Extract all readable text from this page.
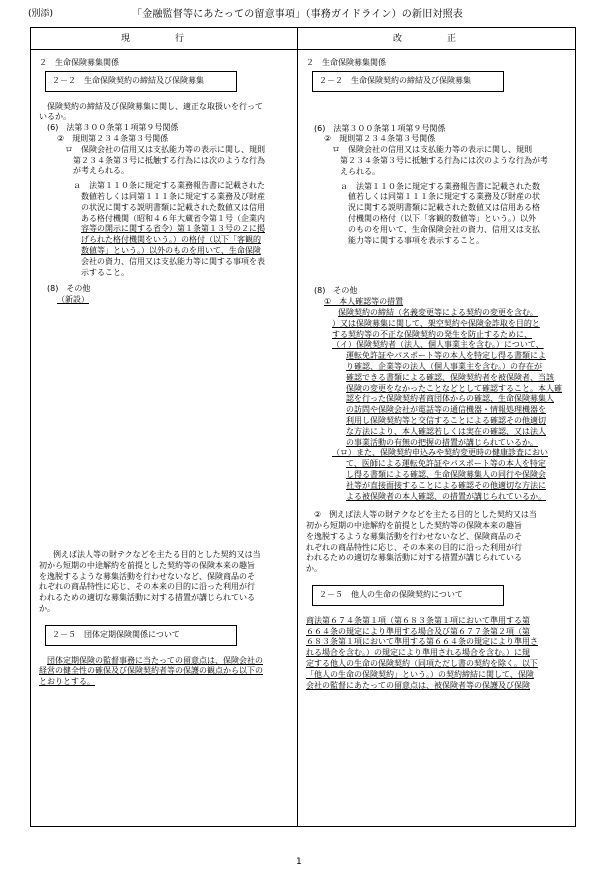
(別添)	「金融監督等にあたっての留意事項」（事務ガイドライン）の新旧対照表
現　　　　　行	改　　　　　正

２　生命保険募集関係

２－２　生命保険契約の締結及び保険募集

保険契約の締結及び保険募集に関し、適正な取扱いを行って

いるか。

(6)　法第３００条第１項第９号関係

②　規則第２３４条第３号関係

ロ　保険会社の信用又は支払能力等の表示に関し、規則

第２３４条第３号に抵触する行為には次のような行為

が考えられる。

ａ　法第１１０条に規定する業務報告書に記載された

数値若しくは同第１１１条に規定する業務及び財産

の状況に関する説明書類に記載された数値又は信用

ある格付機関（昭和４６年大蔵省令第１号（企業内

容等の開示に関する省令）第１条第１３号の２に掲

げられた格付機関をいう。）の格付（以下「客観的

数値等」という。）以外のものを用いて、生命保険

会社の資力、信用又は支払能力等に関する事項を表

示すること。

(8)　その他

（新設）

例えば法人等の財テクなどを主たる目的とした契約又は当

初から短期の中途解約を前提とした契約等の保険本来の趣旨

を逸脱するような募集活動を行わせないなど、保険商品のそ

れぞれの商品特性に応じ、その本来の目的に沿った利用が行

われるための適切な募集活動に対する措置が講じられている

か。

２－５　団体定期保険関係について

団体定期保険の監督事務に当たっての留意点は、保険会社の

経営の健全性の確保及び保険契約者等の保護の観点から以下の

とおりとする。

２　生命保険募集関係

２－２　生命保険契約の締結及び保険募集

(6)　法第３００条第１項第９号関係

②　規則第２３４条第３号関係

ロ　保険会社の信用又は支払能力等の表示に関し、規則

第２３４条第３号に抵触する行為には次のような行為が考

えられる。

ａ　法第１１０条に規定する業務報告書に記載された数

値若しくは同第１１１条に規定する業務及び財産の状

況に関する説明書類に記載された数値又は信用ある格

付機関の格付（以下「客観的数値等」という。）以外

のものを用いて、生命保険会社の資力、信用又は支払

能力等に関する事項を表示すること。

(8)　その他

①　本人確認等の措置

保険契約の締結（名義変更等による契約の変更を含む。

）又は保険募集に関して、架空契約や保険金詐取を目的と

する契約等の不正な保険契約の発生を防止するために、

（イ）保険契約者（法人、個人事業主を含む。）について、

運転免許証やパスポート等の本人を特定し得る書類によ

り確認、企業等の法人（個人事業主を含む。）の存在が

確認できる書類による確認、保険契約者を被保険者、当該

保険の変更をなかったことなどとして確認すること。本人確

認を行った保険契約者商団体からの確認、生命保険募集人

の訪問や保険会社が電話等の通信機器・情報処理機器を

利用し保険契約等と交信することによる確認その他適切

な方法により、本人確認若しくは実在の確認、又は法人

の事業活動の有無の把握の措置が講じられているか。

（ロ）また、保険契約申込みや契約変更時の健康診査におい

て、医師による運転免許証やパスポート等の本人を特定

し得る書類による確認、生命保険募集人の同行や保険会

社等が直接面接することによる確認その他適切な方法に

よる被保険者の本人確認、の措置が講じられているか。

②　例えば法人等の財テクなどを主たる目的とした契約又は当

初から短期の中途解約を前提とした契約等の保険本来の趣旨

を逸脱するような募集活動を行わせないなど、保険商品のそ

れぞれの商品特性に応じ、その本来の目的に沿った利用が行

われるための適切な募集活動に対する措置が講じられている

か。

２－５　他人の生命の保険契約について

商法第６７４条第１項（第６８３条第１項において準用する第

６６４条の規定により準用する場合及び第６７７条第２項（第

６８３条第１項において準用する第６６４条の規定により準用さ

れる場合を含む。）の規定により準用される場合を含む。）に規

定する他人の生命の保険契約（同項ただし書の契約を除く。以下

「他人の生命の保険契約」という。）の契約締結に関して、保険

会社の監督にあたっての留意点は、被保険者等の保護及び保険

1
